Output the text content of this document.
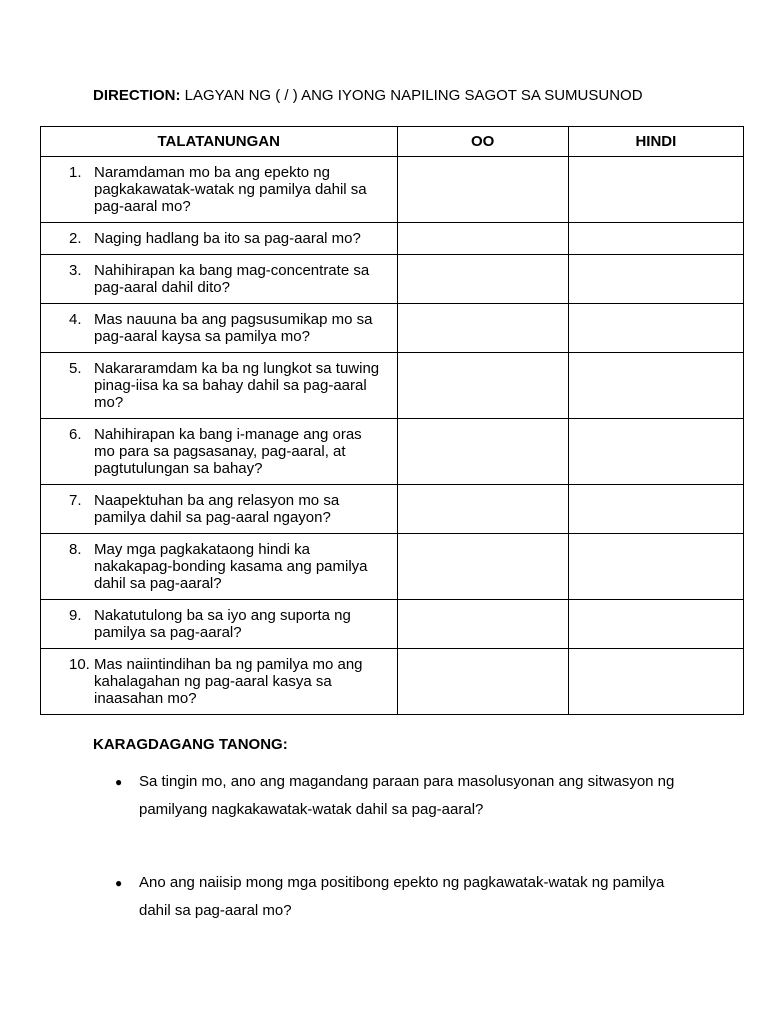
DIRECTION: LAGYAN NG ( / ) ANG IYONG NAPILING SAGOT SA SUMUSUNOD
TALATANUNGAN	OO	HINDI

1. Naramdaman mo ba ang epekto ng pagkakawatak-watak ng pamilya dahil sa pag-aaral mo?		

2. Naging hadlang ba ito sa pag-aaral mo?		

3. Nahihirapan ka bang mag-concentrate sa pag-aaral dahil dito?		

4. Mas nauuna ba ang pagsusumikap mo sa pag-aaral kaysa sa pamilya mo?		

5. Nakararamdam ka ba ng lungkot sa tuwing pinag-iisa ka sa bahay dahil sa pag-aaral mo?		

6. Nahihirapan ka bang i-manage ang oras mo para sa pagsasanay, pag-aaral, at pagtutulungan sa bahay?		

7. Naapektuhan ba ang relasyon mo sa pamilya dahil sa pag-aaral ngayon?		

8. May mga pagkakataong hindi ka nakakapag-bonding kasama ang pamilya dahil sa pag-aaral?		

9. Nakatutulong ba sa iyo ang suporta ng pamilya sa pag-aaral?		

10. Mas naiintindihan ba ng pamilya mo ang kahalagahan ng pag-aaral kasya sa inaasahan mo?		

KARAGDAGANG TANONG:
●	Sa tingin mo, ano ang magandang paraan para masolusyonan ang sitwasyon ng pamilyang nagkakawatak-watak dahil sa pag-aaral?
●	Ano ang naiisip mong mga positibong epekto ng pagkawatak-watak ng pamilya dahil sa pag-aaral mo?
